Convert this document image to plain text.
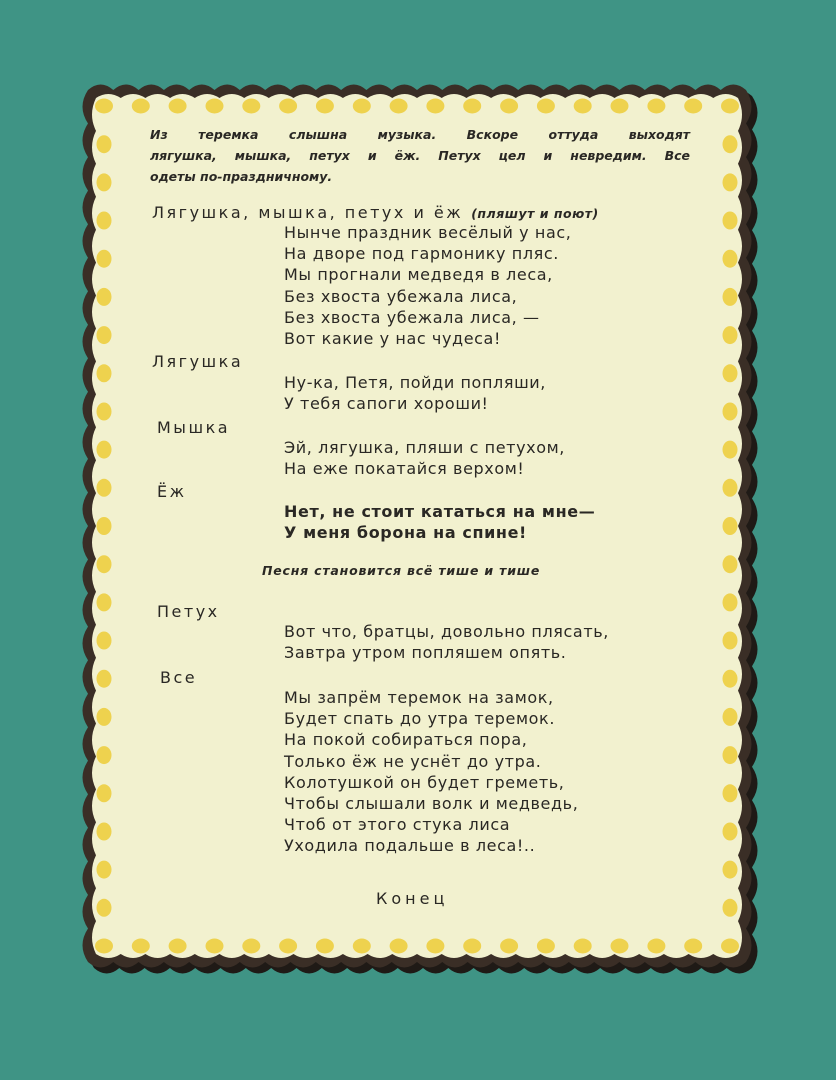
Из теремка слышна музыка. Вскоре оттуда выходят
лягушка, мышка, петух и ёж. Петух цел и невредим. Все
одеты по-праздничному.
Лягушка, мышка, петух и ёж (пляшут и поют)
Нынче праздник весёлый у нас,
На дворе под гармонику пляс.
Мы прогнали медведя в леса,
Без хвоста убежала лиса,
Без хвоста убежала лиса, —
Вот какие у нас чудеса!
Лягушка
Ну-ка, Петя, пойди попляши,
У тебя сапоги хороши!
Мышка
Эй, лягушка, пляши с петухом,
На еже покатайся верхом!
Ёж
Нет, не стоит кататься на мне—
У меня борона на спине!
Песня становится всё тише и тише
Петух
Вот что, братцы, довольно плясать,
Завтра утром попляшем опять.
Все
Мы запрём теремок на замок,
Будет спать до утра теремок.
На покой собираться пора,
Только ёж не уснёт до утра.
Колотушкой он будет греметь,
Чтобы слышали волк и медведь,
Чтоб от этого стука лиса
Уходила подальше в леса!..
Конец
